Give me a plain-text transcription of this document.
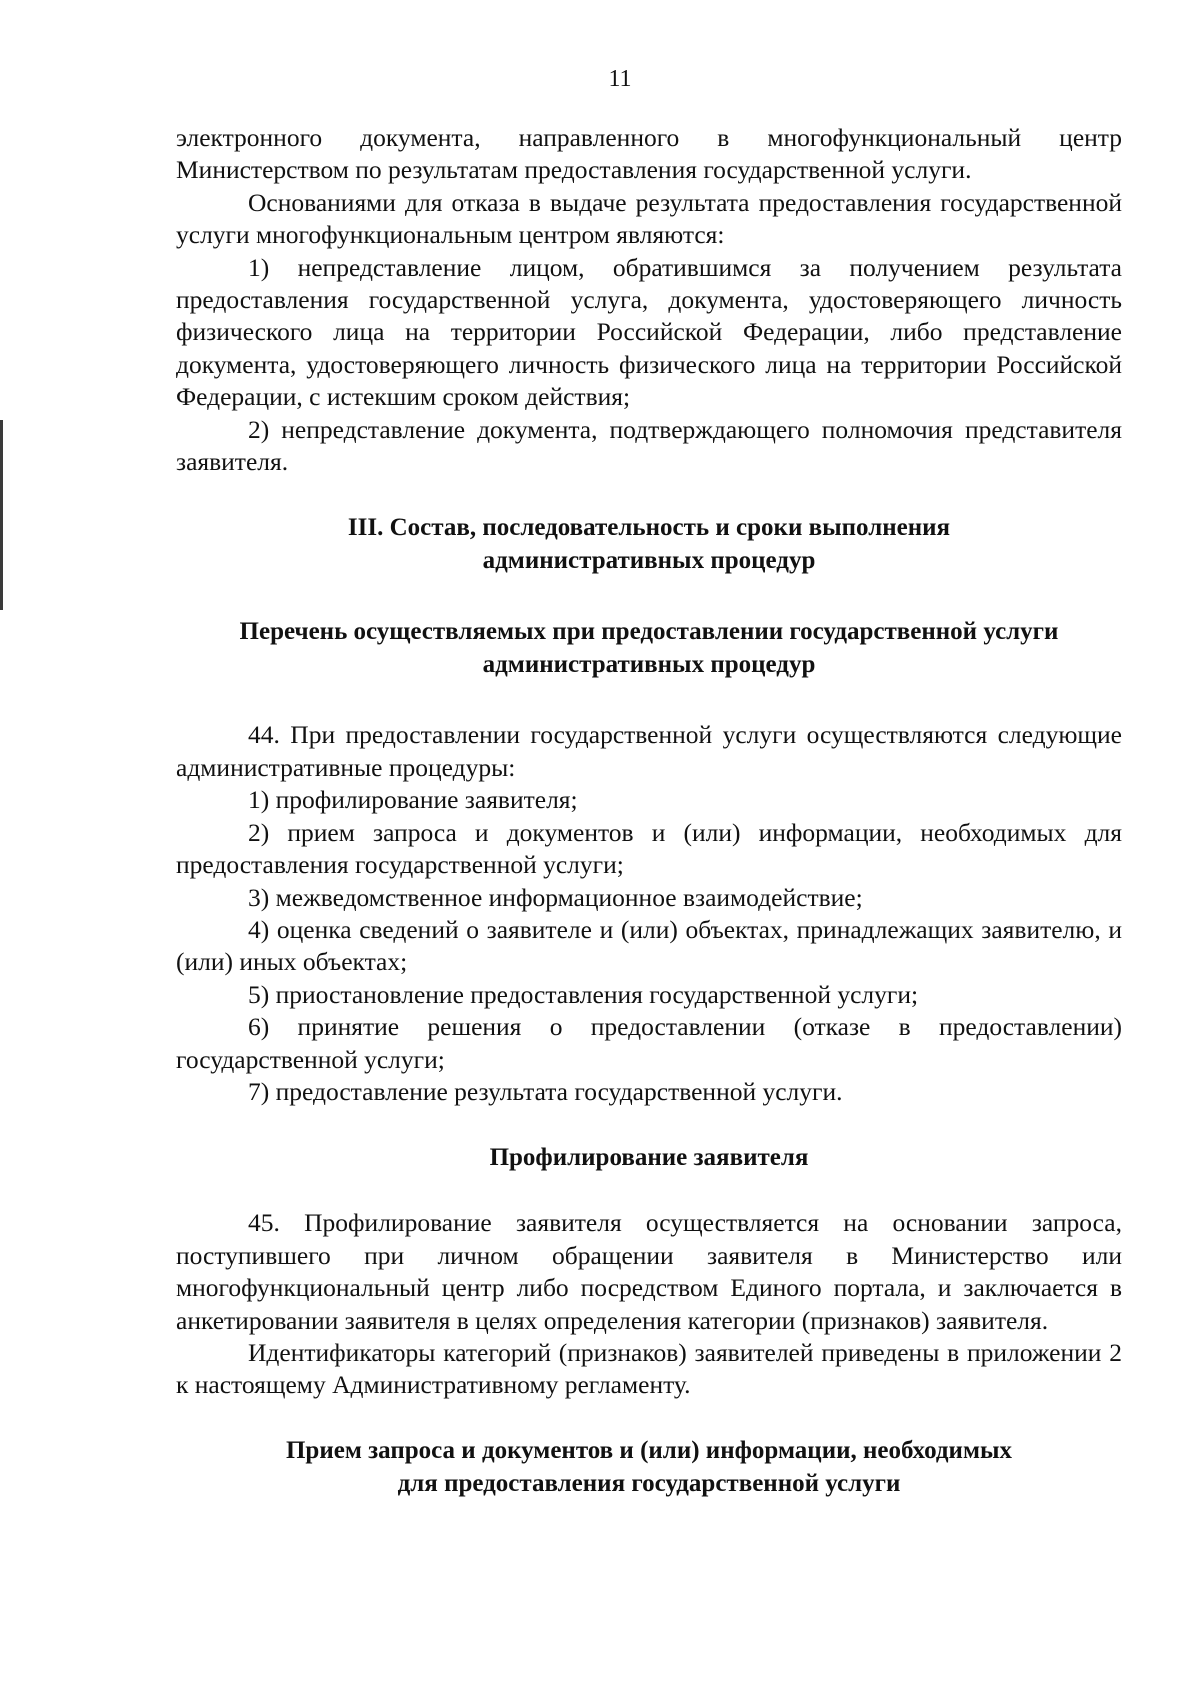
11

электронного документа, направленного в многофункциональный центр Министерством по результатам предоставления государственной услуги.

Основаниями для отказа в выдаче результата предоставления государственной услуги многофункциональным центром являются:

1) непредставление лицом, обратившимся за получением результата предоставления государственной услуга, документа, удостоверяющего личность физического лица на территории Российской Федерации, либо представление документа, удостоверяющего личность физического лица на территории Российской Федерации, с истекшим сроком действия;

2) непредставление документа, подтверждающего полномочия представителя заявителя.

III. Состав, последовательность и сроки выполнения
административных процедур
Перечень осуществляемых при предоставлении государственной услуги
административных процедур

44. При предоставлении государственной услуги осуществляются следующие административные процедуры:

1) профилирование заявителя;

2) прием запроса и документов и (или) информации, необходимых для предоставления государственной услуги;

3) межведомственное информационное взаимодействие;

4) оценка сведений о заявителе и (или) объектах, принадлежащих заявителю, и (или) иных объектах;

5) приостановление предоставления государственной услуги;

6) принятие решения о предоставлении (отказе в предоставлении) государственной услуги;

7) предоставление результата государственной услуги.

Профилирование заявителя

45. Профилирование заявителя осуществляется на основании запроса, поступившего при личном обращении заявителя в Министерство или многофункциональный центр либо посредством Единого портала, и заключается в анкетировании заявителя в целях определения категории (признаков) заявителя.

Идентификаторы категорий (признаков) заявителей приведены в приложении 2 к настоящему Административному регламенту.

Прием запроса и документов и (или) информации, необходимых
для предоставления государственной услуги
